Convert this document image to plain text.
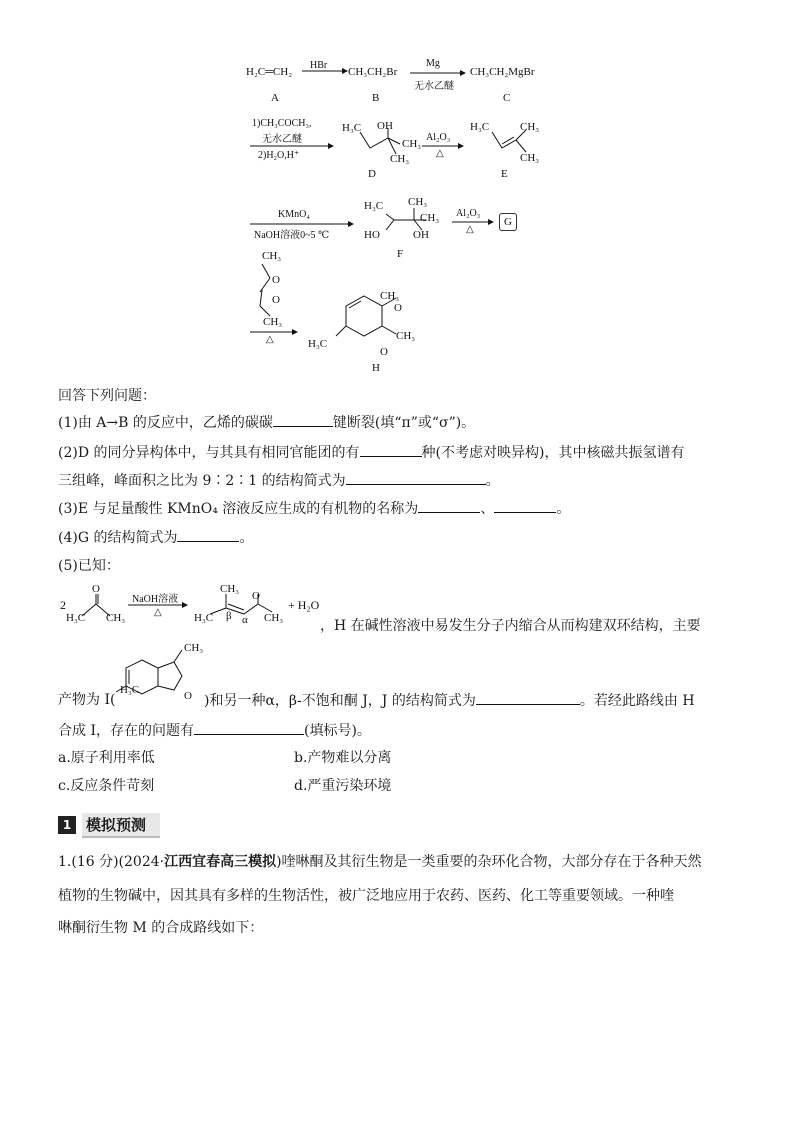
H₂C═CH₂
HBr
CH₃CH₂Br
Mg
无水乙醚
CH₃CH₂MgBr
A	B	C
1)CH₃COCH₃,
无水乙醚
2)H₂O,H⁺
H₃C OH
CH₃
CH₃
D
Al₂O₃
△
H₃C	CH₃
CH₃
E
KMnO₄
NaOH溶液0~5 ℃
H₃C CH₃
CH₃
HO	OH
F
Al₂O₃
△
G
CH₃
O
O
CH₃
△
CH₃
O
CH₃
O
H₃C
H
回答下列问题：
(1)由 A→B 的反应中，乙烯的碳碳	键断裂(填“π”或“σ”)。
(2)D 的同分异构体中，与其具有相同官能团的有	种(不考虑对映异构)，其中核磁共振氢谱有
三组峰，峰面积之比为 9∶2∶1 的结构简式为	。
(3)E 与足量酸性 KMnO₄ 溶液反应生成的有机物的名称为	、	。
(4)G 的结构简式为	。
(5)已知：
2
O
H₃C CH₃
NaOH溶液
△
CH₃
H₃C β α
O
CH₃
+ H₂O
，H 在碱性溶液中易发生分子内缩合从而构建双环结构，主要
CH₃
H₃C	O
产物为 I(	)和另一种α，β-不饱和酮 J，J 的结构简式为	。若经此路线由 H
合成 I，存在的问题有	(填标号)。
a.原子利用率低	b.产物难以分离
c.反应条件苛刻	d.严重污染环境
1 模拟预测
1.(16 分)(2024·江西宜春高三模拟)喹啉酮及其衍生物是一类重要的杂环化合物，大部分存在于各种天然
植物的生物碱中，因其具有多样的生物活性，被广泛地应用于农药、医药、化工等重要领域。一种喹
啉酮衍生物 M 的合成路线如下：
